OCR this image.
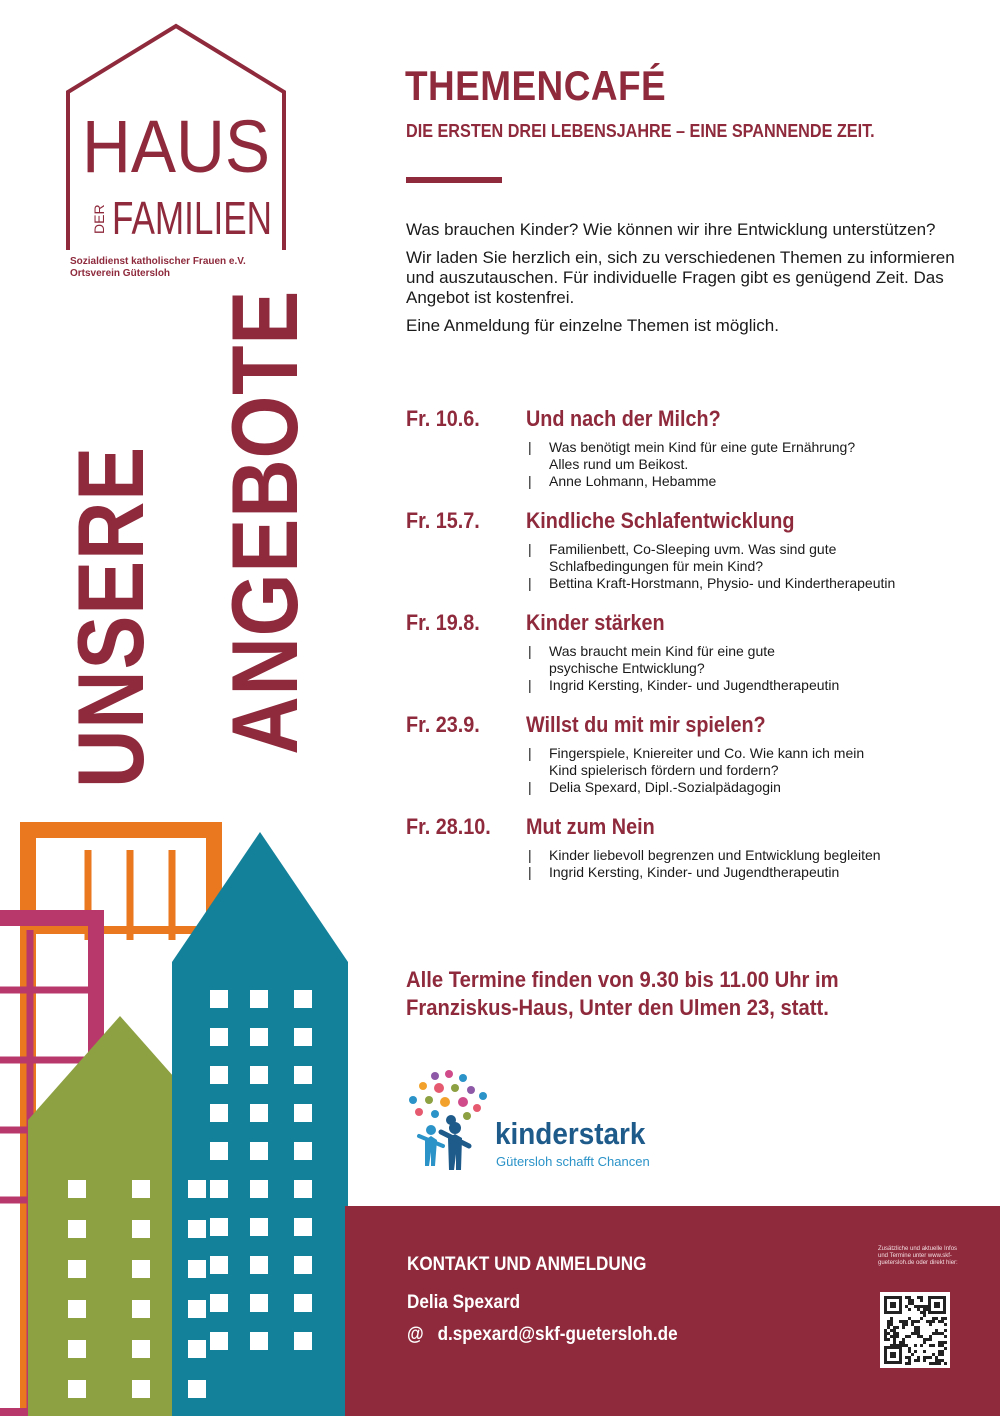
HAUS
DER FAMILIEN
Sozialdienst katholischer Frauen e.V.
Ortsverein Gütersloh
UNSERE ANGEBOTE
THEMENCAFÉ
DIE ERSTEN DREI LEBENSJAHRE – EINE SPANNENDE ZEIT.

Was brauchen Kinder? Wie können wir ihre Entwicklung unterstützen?

Wir laden Sie herzlich ein, sich zu verschiedenen Themen zu informieren und auszutauschen. Für individuelle Fragen gibt es genügend Zeit. Das Angebot ist kostenfrei.

Eine Anmeldung für einzelne Themen ist möglich.

Fr. 10.6. Und nach der Milch?
| Was benötigt mein Kind für eine gute Ernährung?
Alles rund um Beikost.
| Anne Lohmann, Hebamme
Fr. 15.7. Kindliche Schlafentwicklung
| Familienbett, Co-Sleeping uvm. Was sind gute
Schlafbedingungen für mein Kind?
| Bettina Kraft-Horstmann, Physio- und Kindertherapeutin
Fr. 19.8. Kinder stärken
| Was braucht mein Kind für eine gute
psychische Entwicklung?
| Ingrid Kersting, Kinder- und Jugendtherapeutin
Fr. 23.9. Willst du mit mir spielen?
| Fingerspiele, Kniereiter und Co. Wie kann ich mein
Kind spielerisch fördern und fordern?
| Delia Spexard, Dipl.-Sozialpädagogin
Fr. 28.10. Mut zum Nein
| Kinder liebevoll begrenzen und Entwicklung begleiten
| Ingrid Kersting, Kinder- und Jugendtherapeutin
Alle Termine finden von 9.30 bis 11.00 Uhr im Franziskus-Haus, Unter den Ulmen 23, statt.
kinderstark
Gütersloh schafft Chancen
KONTAKT UND ANMELDUNG
Delia Spexard
@ d.spexard@skf-guetersloh.de
Zusätzliche und aktuelle Infos und Termine unter www.skf-guetersloh.de oder direkt hier:
